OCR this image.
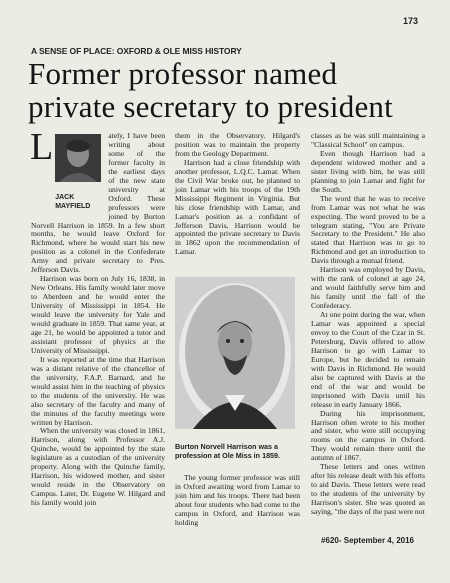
173
A SENSE OF PLACE: OXFORD & OLE MISS HISTORY
Former professor named private secretary to president

L
JACK MAYFIELD
ately, I have been writing about some of the former faculty in the earliest days of the new state university at Oxford. These professors were joined by Burton Norvell Harrison in 1859. In a few short months, he would leave Oxford for Richmond, where he would start his new position as a colonel in the Confederate Army and private secretary to Pres. Jefferson Davis.

Harrison was born on July 16, 1838, in New Orleans. His family would later move to Aberdeen and he would enter the University of Mississippi in 1854. He would leave the university for Yale and would graduate in 1859. That same year, at age 21, he would be appointed a tutor and assistant professor of physics at the University of Mississippi.

It was reported at the time that Harrison was a distant relative of the chancellor of the university, F.A.P. Barnard, and he would assist him in the teaching of physics to the students of the university. He was also secretary of the faculty and many of the minutes of the faculty meetings were written by Harrison.

When the university was closed in 1861, Harrison, along with Professor A.J. Quinche, would be appointed by the state legislature as a custodian of the university property. Along with the Quinche family, Harrison, his widowed mother, and sister would reside in the Observatory on Campus. Later, Dr. Eugene W. Hilgard and his family would join

them in the Observatory. Hilgard's position was to maintain the property from the Geology Department.

Harrison had a close friendship with another professor, L.Q.C. Lamar. When the Civil War broke out, he planned to join Lamar with his troops of the 19th Mississippi Regiment in Virginia. But his close friendship with Lamar, and Lamar's position as a confidant of Jefferson Davis, Harrison would be appointed the private secretary to Davis in 1862 upon the recommendation of Lamar.

Burton Norvell Harrison was a profession at Ole Miss in 1859.

The young former professor was still in Oxford awaiting word from Lamar to join him and his troops. There had been about four students who had come to the campus in Oxford, and Harrison was holding

classes as he was still maintaining a "Classical School" on campus.

Even though Harrison had a dependent widowed mother and a sister living with him, he was still planning to join Lamar and fight for the South.

The word that he was to receive from Lamar was not what he was expecting. The word proved to be a telegram stating, "You are Private Secretary to the President." He also stated that Harrison was to go to Richmond and get an introduction to Davis through a mutual friend.

Harrison was employed by Davis, with the rank of colonel at age 24, and would faithfully serve him and his family until the fall of the Confederacy.

At one point during the war, when Lamar was appointed a special envoy to the Court of the Czar in St. Petersburg, Davis offered to allow Harrison to go with Lamar to Europe, but he decided to remain with Davis in Richmond. He would also be captured with Davis at the end of the war and would be imprisoned with Davis until his release in early January 1866.

During his imprisonment, Harrison often wrote to his mother and sister, who were still occupying rooms on the campus in Oxford. They would remain there until the autumn of 1867.

These letters and ones written after his release dealt with his efforts to aid Davis. These letters were read to the students of the university by Harrison's sister. She was quoted as saying, "the days of the past were not

#620- September 4, 2016
